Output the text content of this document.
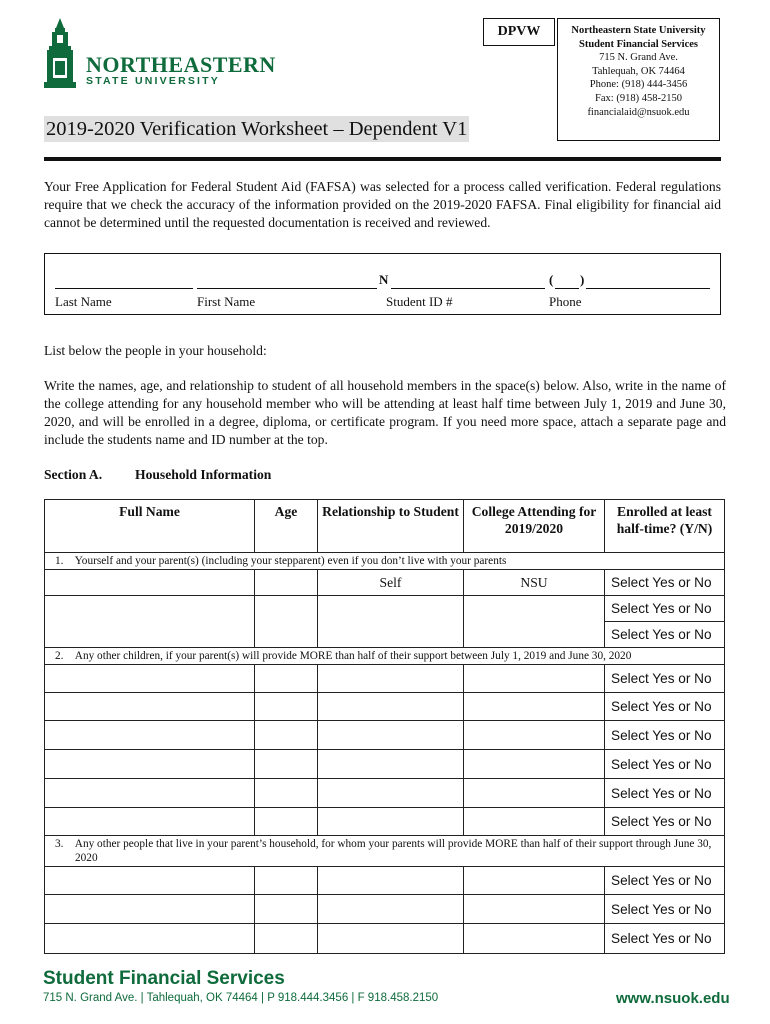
NORTHEASTERN
STATE UNIVERSITY
DPVW	Northeastern State University
Student Financial Services
715 N. Grand Ave.
Tahlequah, OK 74464
Phone: (918) 444-3456
Fax: (918) 458-2150
financialaid@nsuok.edu
2019-2020 Verification Worksheet – Dependent V1
Your Free Application for Federal Student Aid (FAFSA) was selected for a process called verification. Federal regulations require that we check the accuracy of the information provided on the 2019-2020 FAFSA. Final eligibility for financial aid cannot be determined until the requested documentation is received and reviewed.
N	( )
Last Name	First Name	Student ID #	Phone
List below the people in your household:
Write the names, age, and relationship to student of all household members in the space(s) below. Also, write in the name of the college attending for any household member who will be attending at least half time between July 1, 2019 and June 30, 2020, and will be enrolled in a degree, diploma, or certificate program. If you need more space, attach a separate page and include the students name and ID number at the top.
Section A. Household Information
Full Name	Age	Relationship to Student	College Attending for 2019/2020	Enrolled at least half-time? (Y/N)
1. Yourself and your parent(s) (including your stepparent) even if you don’t live with your parents				
		Self	NSU	Select Yes or No
				Select Yes or No
				Select Yes or No
2. Any other children, if your parent(s) will provide MORE than half of their support between July 1, 2019 and June 30, 2020				
				Select Yes or No
				Select Yes or No
				Select Yes or No
				Select Yes or No
				Select Yes or No
				Select Yes or No
3. Any other people that live in your parent’s household, for whom your parents will provide MORE than half of their support through June 30, 2020				
				Select Yes or No
				Select Yes or No
				Select Yes or No
Student Financial Services
715 N. Grand Ave. | Tahlequah, OK 74464 | P 918.444.3456 | F 918.458.2150	www.nsuok.edu
